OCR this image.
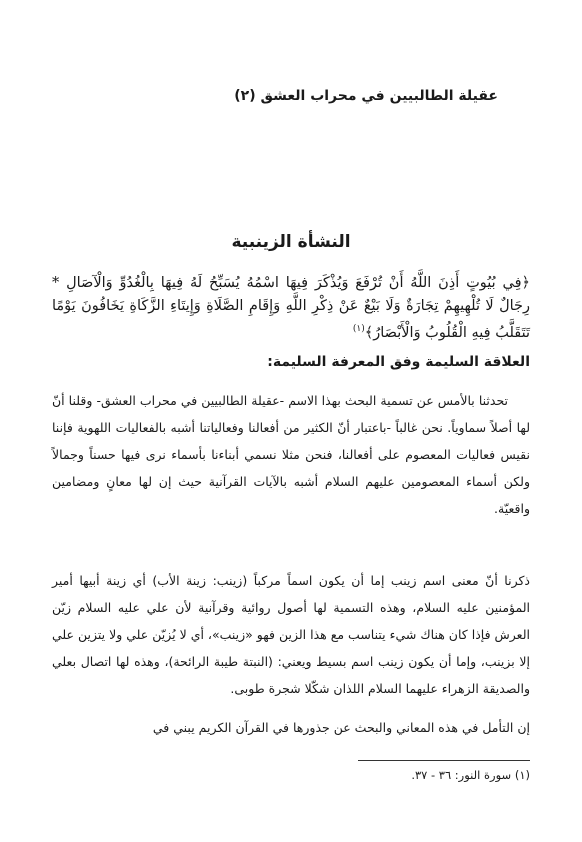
عقيلة الطالبيين في محراب العشق (٢)
النشأة الزينبية
﴿فِي بُيُوتٍ أَذِنَ اللَّهُ أَنْ تُرْفَعَ وَيُذْكَرَ فِيهَا اسْمُهُ يُسَبِّحُ لَهُ فِيهَا بِالْغُدُوِّ وَالْآصَالِ * رِجَالٌ لَا تُلْهِيهِمْ تِجَارَةٌ وَلَا بَيْعٌ عَنْ ذِكْرِ اللَّهِ وَإِقَامِ الصَّلَاةِ وَإِيتَاءِ الزَّكَاةِ يَخَافُونَ يَوْمًا تَتَقَلَّبُ فِيهِ الْقُلُوبُ وَالْأَبْصَارُ﴾$^{(١)}$
العلاقة السليمة وفق المعرفة السليمة:
تحدثنا بالأمس عن تسمية البحث بهذا الاسم -عقيلة الطالبيين في محراب العشق- وقلنا أنّ لها أصلاً سماوياً. نحن غالباً -باعتبار أنّ الكثير من أفعالنا وفعالياتنا أشبه بالفعاليات اللهوية فإننا نقيس فعاليات المعصوم على أفعالنا، فنحن مثلا نسمي أبناءنا بأسماء نرى فيها حسناً وجمالاً ولكن أسماء المعصومين عليهم السلام أشبه بالآيات القرآنية حيث إن لها معانٍ ومضامين واقعيّة.
ذكرنا أنّ معنى اسم زينب إما أن يكون اسماً مركباً (زينب: زينة الأب) أي زينة أبيها أمير المؤمنين عليه السلام، وهذه التسمية لها أصول روائية وقرآنية لأن علي عليه السلام زيّن العرش فإذا كان هناك شيء يتناسب مع هذا الزين فهو «زينب»، أي لا يُزيّن علي ولا يتزين علي إلا بزينب، وإما أن يكون زينب اسم بسيط ويعني: (النبتة طيبة الرائحة)، وهذه لها اتصال بعلي والصديقة الزهراء عليهما السلام اللذان شكّلا شجرة طوبى.
إن التأمل في هذه المعاني والبحث عن جذورها في القرآن الكريم يبني في
(١) سورة النور: ٣٦ - ٣٧.
